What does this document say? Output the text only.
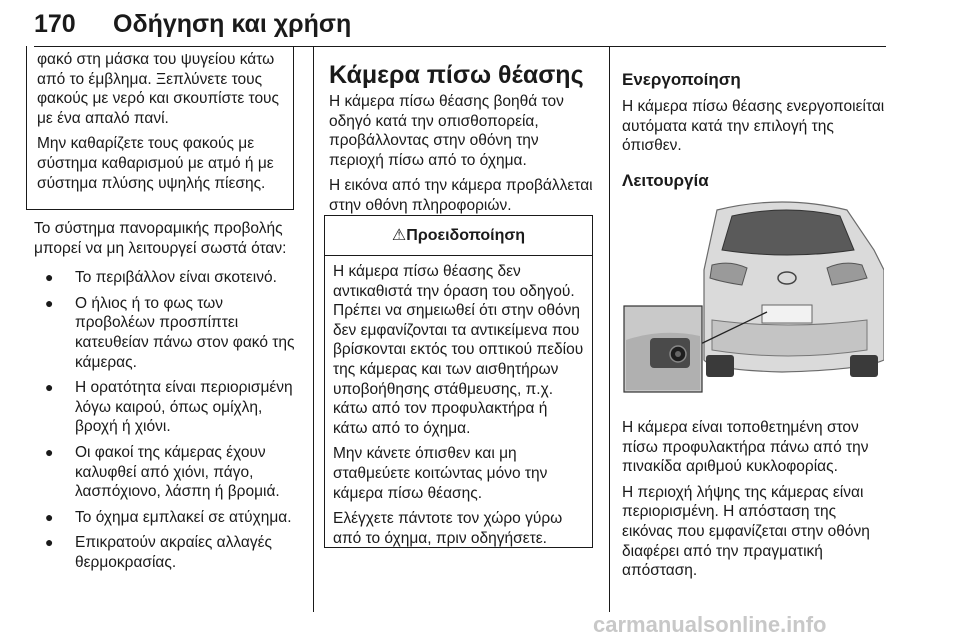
170 Οδήγηση και χρήση

φακό στη μάσκα του ψυγείου κάτω από το έμβλημα. Ξεπλύνετε τους φακούς με νερό και σκουπίστε τους με ένα απαλό πανί.

Μην καθαρίζετε τους φακούς με σύστημα καθαρισμού με ατμό ή με σύστημα πλύσης υψηλής πίεσης.

Το σύστημα πανοραμικής προβολής μπορεί να μη λειτουργεί σωστά όταν:

● Το περιβάλλον είναι σκοτεινό.
● Ο ήλιος ή το φως των προβολέων προσπίπτει κατευθείαν πάνω στον φακό της κάμερας.
● Η ορατότητα είναι περιορισμένη λόγω καιρού, όπως ομίχλη, βροχή ή χιόνι.
● Οι φακοί της κάμερας έχουν καλυφθεί από χιόνι, πάγο, λασπόχιονο, λάσπη ή βρομιά.
● Το όχημα εμπλακεί σε ατύχημα.
● Επικρατούν ακραίες αλλαγές θερμοκρασίας.
Κάμερα πίσω θέασης

Η κάμερα πίσω θέασης βοηθά τον οδηγό κατά την οπισθοπορεία, προβάλλοντας στην οθόνη την περιοχή πίσω από το όχημα.

Η εικόνα από την κάμερα προβάλλεται στην οθόνη πληροφοριών.

⚠Προειδοποίηση

Η κάμερα πίσω θέασης δεν αντικαθιστά την όραση του οδηγού. Πρέπει να σημειωθεί ότι στην οθόνη δεν εμφανίζονται τα αντικείμενα που βρίσκονται εκτός του οπτικού πεδίου της κάμερας και των αισθητήρων υποβοήθησης στάθμευσης, π.χ. κάτω από τον προφυλακτήρα ή κάτω από το όχημα.

Μην κάνετε όπισθεν και μη σταθμεύετε κοιτώντας μόνο την κάμερα πίσω θέασης.

Ελέγχετε πάντοτε τον χώρο γύρω από το όχημα, πριν οδηγήσετε.

Ενεργοποίηση

Η κάμερα πίσω θέασης ενεργοποιείται αυτόματα κατά την επιλογή της όπισθεν.

Λειτουργία

Η κάμερα είναι τοποθετημένη στον πίσω προφυλακτήρα πάνω από την πινακίδα αριθμού κυκλοφορίας.

Η περιοχή λήψης της κάμερας είναι περιορισμένη. Η απόσταση της εικόνας που εμφανίζεται στην οθόνη διαφέρει από την πραγματική απόσταση.

carmanualsonline.info
